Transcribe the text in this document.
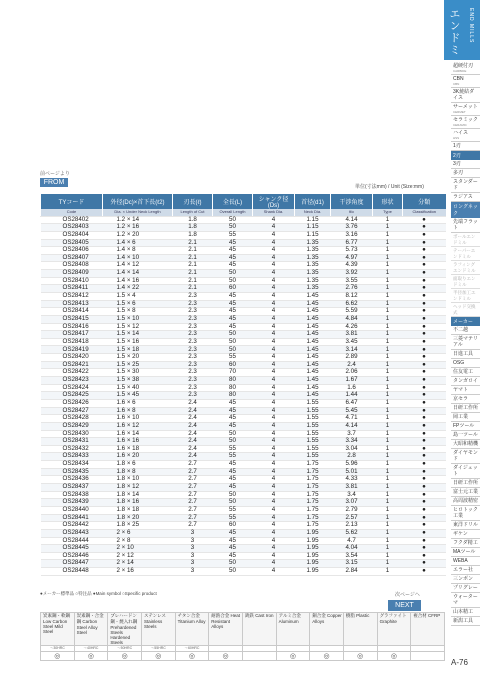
エンドミル	END MILLS
前ページより
FROM
単位(寸法mm) / Unit (Size:mm)
TYコード	外径(Dc)×首下長(ℓ2)	刃長(ℓ)	全長(L)	シャンク径(Ds)	首径(d1)	干渉角度	形状	分類
Code	Dia. × Under Neck Length	Length of Cut	Overall Length	Shank Dia.	Neck Dia.	θ/c	Type	Classification
OS28402	1.2 × 14	1.8	50	4	1.15	4.14	1	●
OS28403	1.2 × 16	1.8	50	4	1.15	3.76	1	●
OS28404	1.2 × 20	1.8	55	4	1.15	3.16	1	●
OS28405	1.4 × 6	2.1	45	4	1.35	6.77	1	●
OS28406	1.4 × 8	2.1	45	4	1.35	5.73	1	●
OS28407	1.4 × 10	2.1	45	4	1.35	4.97	1	●
OS28408	1.4 × 12	2.1	45	4	1.35	4.39	1	●
OS28409	1.4 × 14	2.1	50	4	1.35	3.92	1	●
OS28410	1.4 × 16	2.1	50	4	1.35	3.55	1	●
OS28411	1.4 × 22	2.1	60	4	1.35	2.76	1	●
OS28412	1.5 × 4	2.3	45	4	1.45	8.12	1	●
OS28413	1.5 × 6	2.3	45	4	1.45	6.62	1	●
OS28414	1.5 × 8	2.3	45	4	1.45	5.59	1	●
OS28415	1.5 × 10	2.3	45	4	1.45	4.84	1	●
OS28416	1.5 × 12	2.3	45	4	1.45	4.26	1	●
OS28417	1.5 × 14	2.3	50	4	1.45	3.81	1	●
OS28418	1.5 × 16	2.3	50	4	1.45	3.45	1	●
OS28419	1.5 × 18	2.3	50	4	1.45	3.14	1	●
OS28420	1.5 × 20	2.3	55	4	1.45	2.89	1	●
OS28421	1.5 × 25	2.3	60	4	1.45	2.4	1	●
OS28422	1.5 × 30	2.3	70	4	1.45	2.06	1	●
OS28423	1.5 × 38	2.3	80	4	1.45	1.67	1	●
OS28424	1.5 × 40	2.3	80	4	1.45	1.6	1	●
OS28425	1.5 × 45	2.3	80	4	1.45	1.44	1	●
OS28426	1.6 × 6	2.4	45	4	1.55	6.47	1	●
OS28427	1.6 × 8	2.4	45	4	1.55	5.45	1	●
OS28428	1.6 × 10	2.4	45	4	1.55	4.71	1	●
OS28429	1.6 × 12	2.4	45	4	1.55	4.14	1	●
OS28430	1.6 × 14	2.4	50	4	1.55	3.7	1	●
OS28431	1.6 × 16	2.4	50	4	1.55	3.34	1	●
OS28432	1.6 × 18	2.4	55	4	1.55	3.04	1	●
OS28433	1.6 × 20	2.4	55	4	1.55	2.8	1	●
OS28434	1.8 × 6	2.7	45	4	1.75	5.96	1	●
OS28435	1.8 × 8	2.7	45	4	1.75	5.01	1	●
OS28436	1.8 × 10	2.7	45	4	1.75	4.33	1	●
OS28437	1.8 × 12	2.7	45	4	1.75	3.81	1	●
OS28438	1.8 × 14	2.7	50	4	1.75	3.4	1	●
OS28439	1.8 × 16	2.7	50	4	1.75	3.07	1	●
OS28440	1.8 × 18	2.7	55	4	1.75	2.79	1	●
OS28441	1.8 × 20	2.7	55	4	1.75	2.57	1	●
OS28442	1.8 × 25	2.7	60	4	1.75	2.13	1	●
OS28443	2 × 6	3	45	4	1.95	5.62	1	●
OS28444	2 × 8	3	45	4	1.95	4.7	1	●
OS28445	2 × 10	3	45	4	1.95	4.04	1	●
OS28446	2 × 12	3	45	4	1.95	3.54	1	●
OS28447	2 × 14	3	50	4	1.95	3.15	1	●
OS28448	2 × 16	3	50	4	1.95	2.84	1	●
●メーカー標準品 ○特注品 ●Main symbol ○Specific product	次ページへ
NEXT
炭素鋼・軟鋼 Low Carbon Steel Mild Steel	炭素鋼・合金鋼 Carbon Steel Alloy Steel	プレハードン鋼・焼入れ鋼 Prehardened Steels Hardened Steels	ステンレス Stainless Steels	チタン合金 Titanium Alloy	耐熱合金 Heat Resistant Alloys	鋳鉄 Cast Iron	アルミ合金 Aluminum	銅合金 Copper Alloys	樹脂 Plastic	グラファイト Graphite	複合材 CFRP
〜30HRC	〜40HRC	〜50HRC	〜55HRC	〜60HRC							
◎	◎	◎	◎	◎	◎		◎	◎	◎	◎	
超硬付刃
CARBIDE
CBN
CBN
3K焼結ダイス
サーメット
CERMET
セラミック
CERAMIC
ハイス
HSS
1刃
2刃
3刃
多刃
スタンダード
ラジアス
ロングネック
先端フラット
ボールエンドミル
テーパーエンドミル
ラフィングエンドミル
面取りエンドミル
半径加工エンドミル
ヘッド交換式
メーカー
不二越
三菱マテリアル
日進工具
OSG
住友電工
タンガロイ
ヤマト
京セラ
日研工作所
岡工業
FPツール
島一ツール
大昭和精機
ダイヤモンド
ダイジェット
日研工作所
富士元工業
高周波精密
ヒロトック工業
東洋ドリル
ギケン
フクダ精工
MAツール
WEBA
エラー社
三ンボン
プリグレー
ウォーターマ
山本精工
新潟工具
A-76
